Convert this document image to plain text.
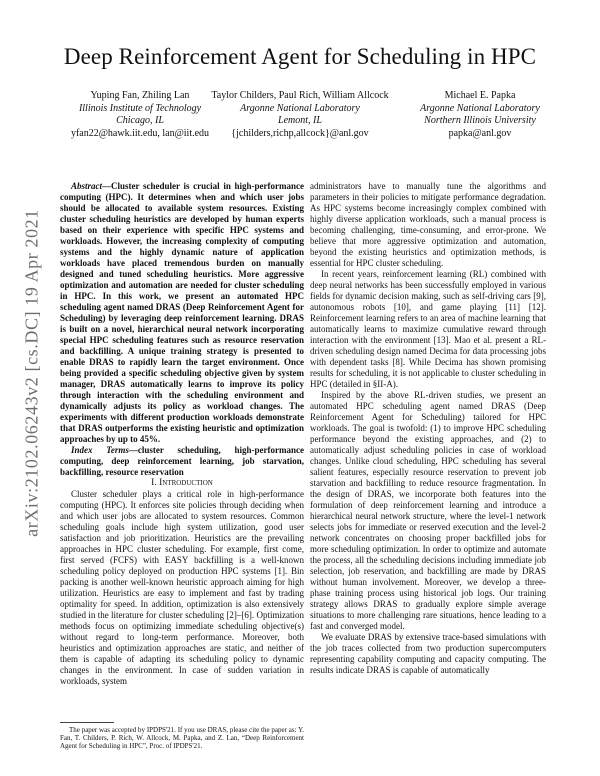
arXiv:2102.06243v2 [cs.DC] 19 Apr 2021
Deep Reinforcement Agent for Scheduling in HPC
Yuping Fan, Zhiling Lan
Illinois Institute of Technology
Chicago, IL
yfan22@hawk.iit.edu, lan@iit.edu
Taylor Childers, Paul Rich, William Allcock
Argonne National Laboratory
Lemont, IL
{jchilders,richp,allcock}@anl.gov
Michael E. Papka
Argonne National Laboratory
Northern Illinois University
papka@anl.gov

Abstract—Cluster scheduler is crucial in high-performance computing (HPC). It determines when and which user jobs should be allocated to available system resources. Existing cluster scheduling heuristics are developed by human experts based on their experience with specific HPC systems and workloads. However, the increasing complexity of computing systems and the highly dynamic nature of application workloads have placed tremendous burden on manually designed and tuned scheduling heuristics. More aggressive optimization and automation are needed for cluster scheduling in HPC. In this work, we present an automated HPC scheduling agent named DRAS (Deep Reinforcement Agent for Scheduling) by leveraging deep reinforcement learning. DRAS is built on a novel, hierarchical neural network incorporating special HPC scheduling features such as resource reservation and backfilling. A unique training strategy is presented to enable DRAS to rapidly learn the target environment. Once being provided a specific scheduling objective given by system manager, DRAS automatically learns to improve its policy through interaction with the scheduling environment and dynamically adjusts its policy as workload changes. The experiments with different production workloads demonstrate that DRAS outperforms the existing heuristic and optimization approaches by up to 45%.

Index Terms—cluster scheduling, high-performance computing, deep reinforcement learning, job starvation, backfilling, resource reservation

I. Introduction

Cluster scheduler plays a critical role in high-performance computing (HPC). It enforces site policies through deciding when and which user jobs are allocated to system resources. Common scheduling goals include high system utilization, good user satisfaction and job prioritization. Heuristics are the prevailing approaches in HPC cluster scheduling. For example, first come, first served (FCFS) with EASY backfilling is a well-known scheduling policy deployed on production HPC systems [1]. Bin packing is another well-known heuristic approach aiming for high utilization. Heuristics are easy to implement and fast by trading optimality for speed. In addition, optimization is also extensively studied in the literature for cluster scheduling [2]–[6]. Optimization methods focus on optimizing immediate scheduling objective(s) without regard to long-term performance. Moreover, both heuristics and optimization approaches are static, and neither of them is capable of adapting its scheduling policy to dynamic changes in the environment. In case of sudden variation in workloads, system

The paper was accepted by IPDPS'21. If you use DRAS, please cite the paper as: Y. Fan, T. Childers, P. Rich, W. Allcock, M. Papka, and Z. Lan, “Deep Reinforcement Agent for Scheduling in HPC”, Proc. of IPDPS'21.

administrators have to manually tune the algorithms and parameters in their policies to mitigate performance degradation. As HPC systems become increasingly complex combined with highly diverse application workloads, such a manual process is becoming challenging, time-consuming, and error-prone. We believe that more aggressive optimization and automation, beyond the existing heuristics and optimization methods, is essential for HPC cluster scheduling.

In recent years, reinforcement learning (RL) combined with deep neural networks has been successfully employed in various fields for dynamic decision making, such as self-driving cars [9], autonomous robots [10], and game playing [11] [12]. Reinforcement learning refers to an area of machine learning that automatically learns to maximize cumulative reward through interaction with the environment [13]. Mao et al. present a RL-driven scheduling design named Decima for data processing jobs with dependent tasks [8]. While Decima has shown promising results for scheduling, it is not applicable to cluster scheduling in HPC (detailed in §II-A).

Inspired by the above RL-driven studies, we present an automated HPC scheduling agent named DRAS (Deep Reinforcement Agent for Scheduling) tailored for HPC workloads. The goal is twofold: (1) to improve HPC scheduling performance beyond the existing approaches, and (2) to automatically adjust scheduling policies in case of workload changes. Unlike cloud scheduling, HPC scheduling has several salient features, especially resource reservation to prevent job starvation and backfilling to reduce resource fragmentation. In the design of DRAS, we incorporate both features into the formulation of deep reinforcement learning and introduce a hierarchical neural network structure, where the level-1 network selects jobs for immediate or reserved execution and the level-2 network concentrates on choosing proper backfilled jobs for more scheduling optimization. In order to optimize and automate the process, all the scheduling decisions including immediate job selection, job reservation, and backfilling are made by DRAS without human involvement. Moreover, we develop a three-phase training process using historical job logs. Our training strategy allows DRAS to gradually explore simple average situations to more challenging rare situations, hence leading to a fast and converged model.

We evaluate DRAS by extensive trace-based simulations with the job traces collected from two production supercomputers representing capability computing and capacity computing. The results indicate DRAS is capable of automatically
